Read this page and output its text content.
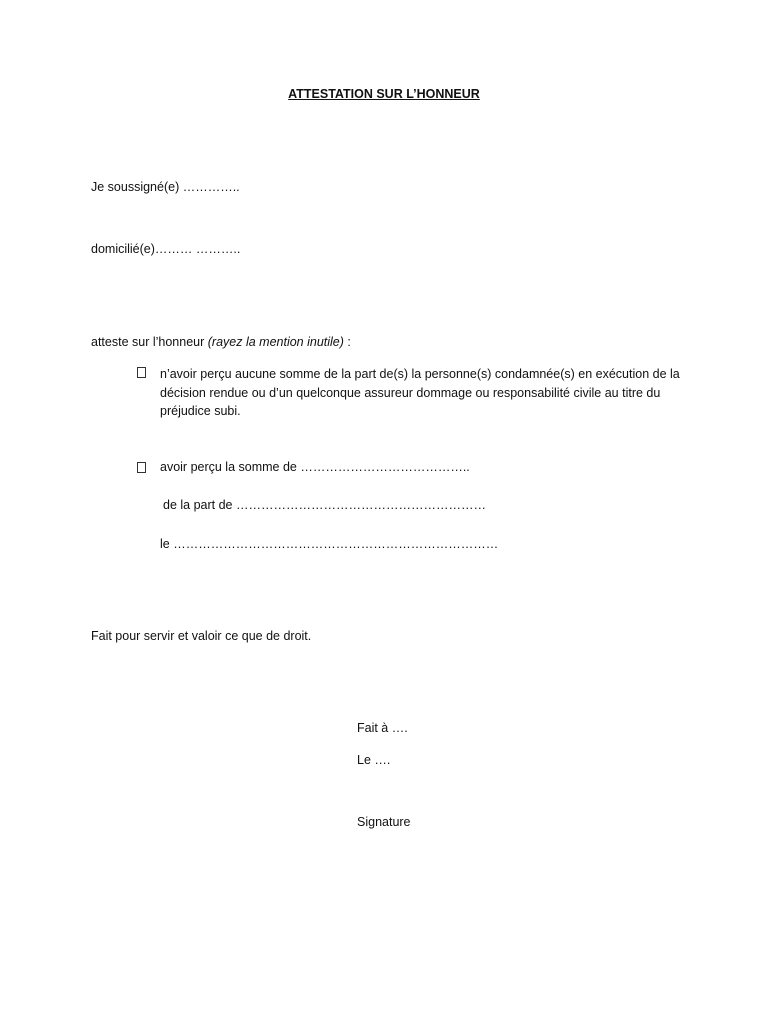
ATTESTATION SUR L’HONNEUR
Je soussigné(e) …………..
domicilié(e)……… ………..
atteste sur l’honneur (rayez la mention inutile) :
n’avoir perçu aucune somme de la part de(s) la personne(s) condamnée(s) en exécution de la décision rendue ou d’un quelconque assureur dommage ou responsabilité civile au titre du préjudice subi.
avoir perçu la somme de …………………………………..
de la part de ……………………………………………………
le ……………………………………………………………………
Fait pour servir et valoir ce que de droit.
Fait à ….
Le ….
Signature
